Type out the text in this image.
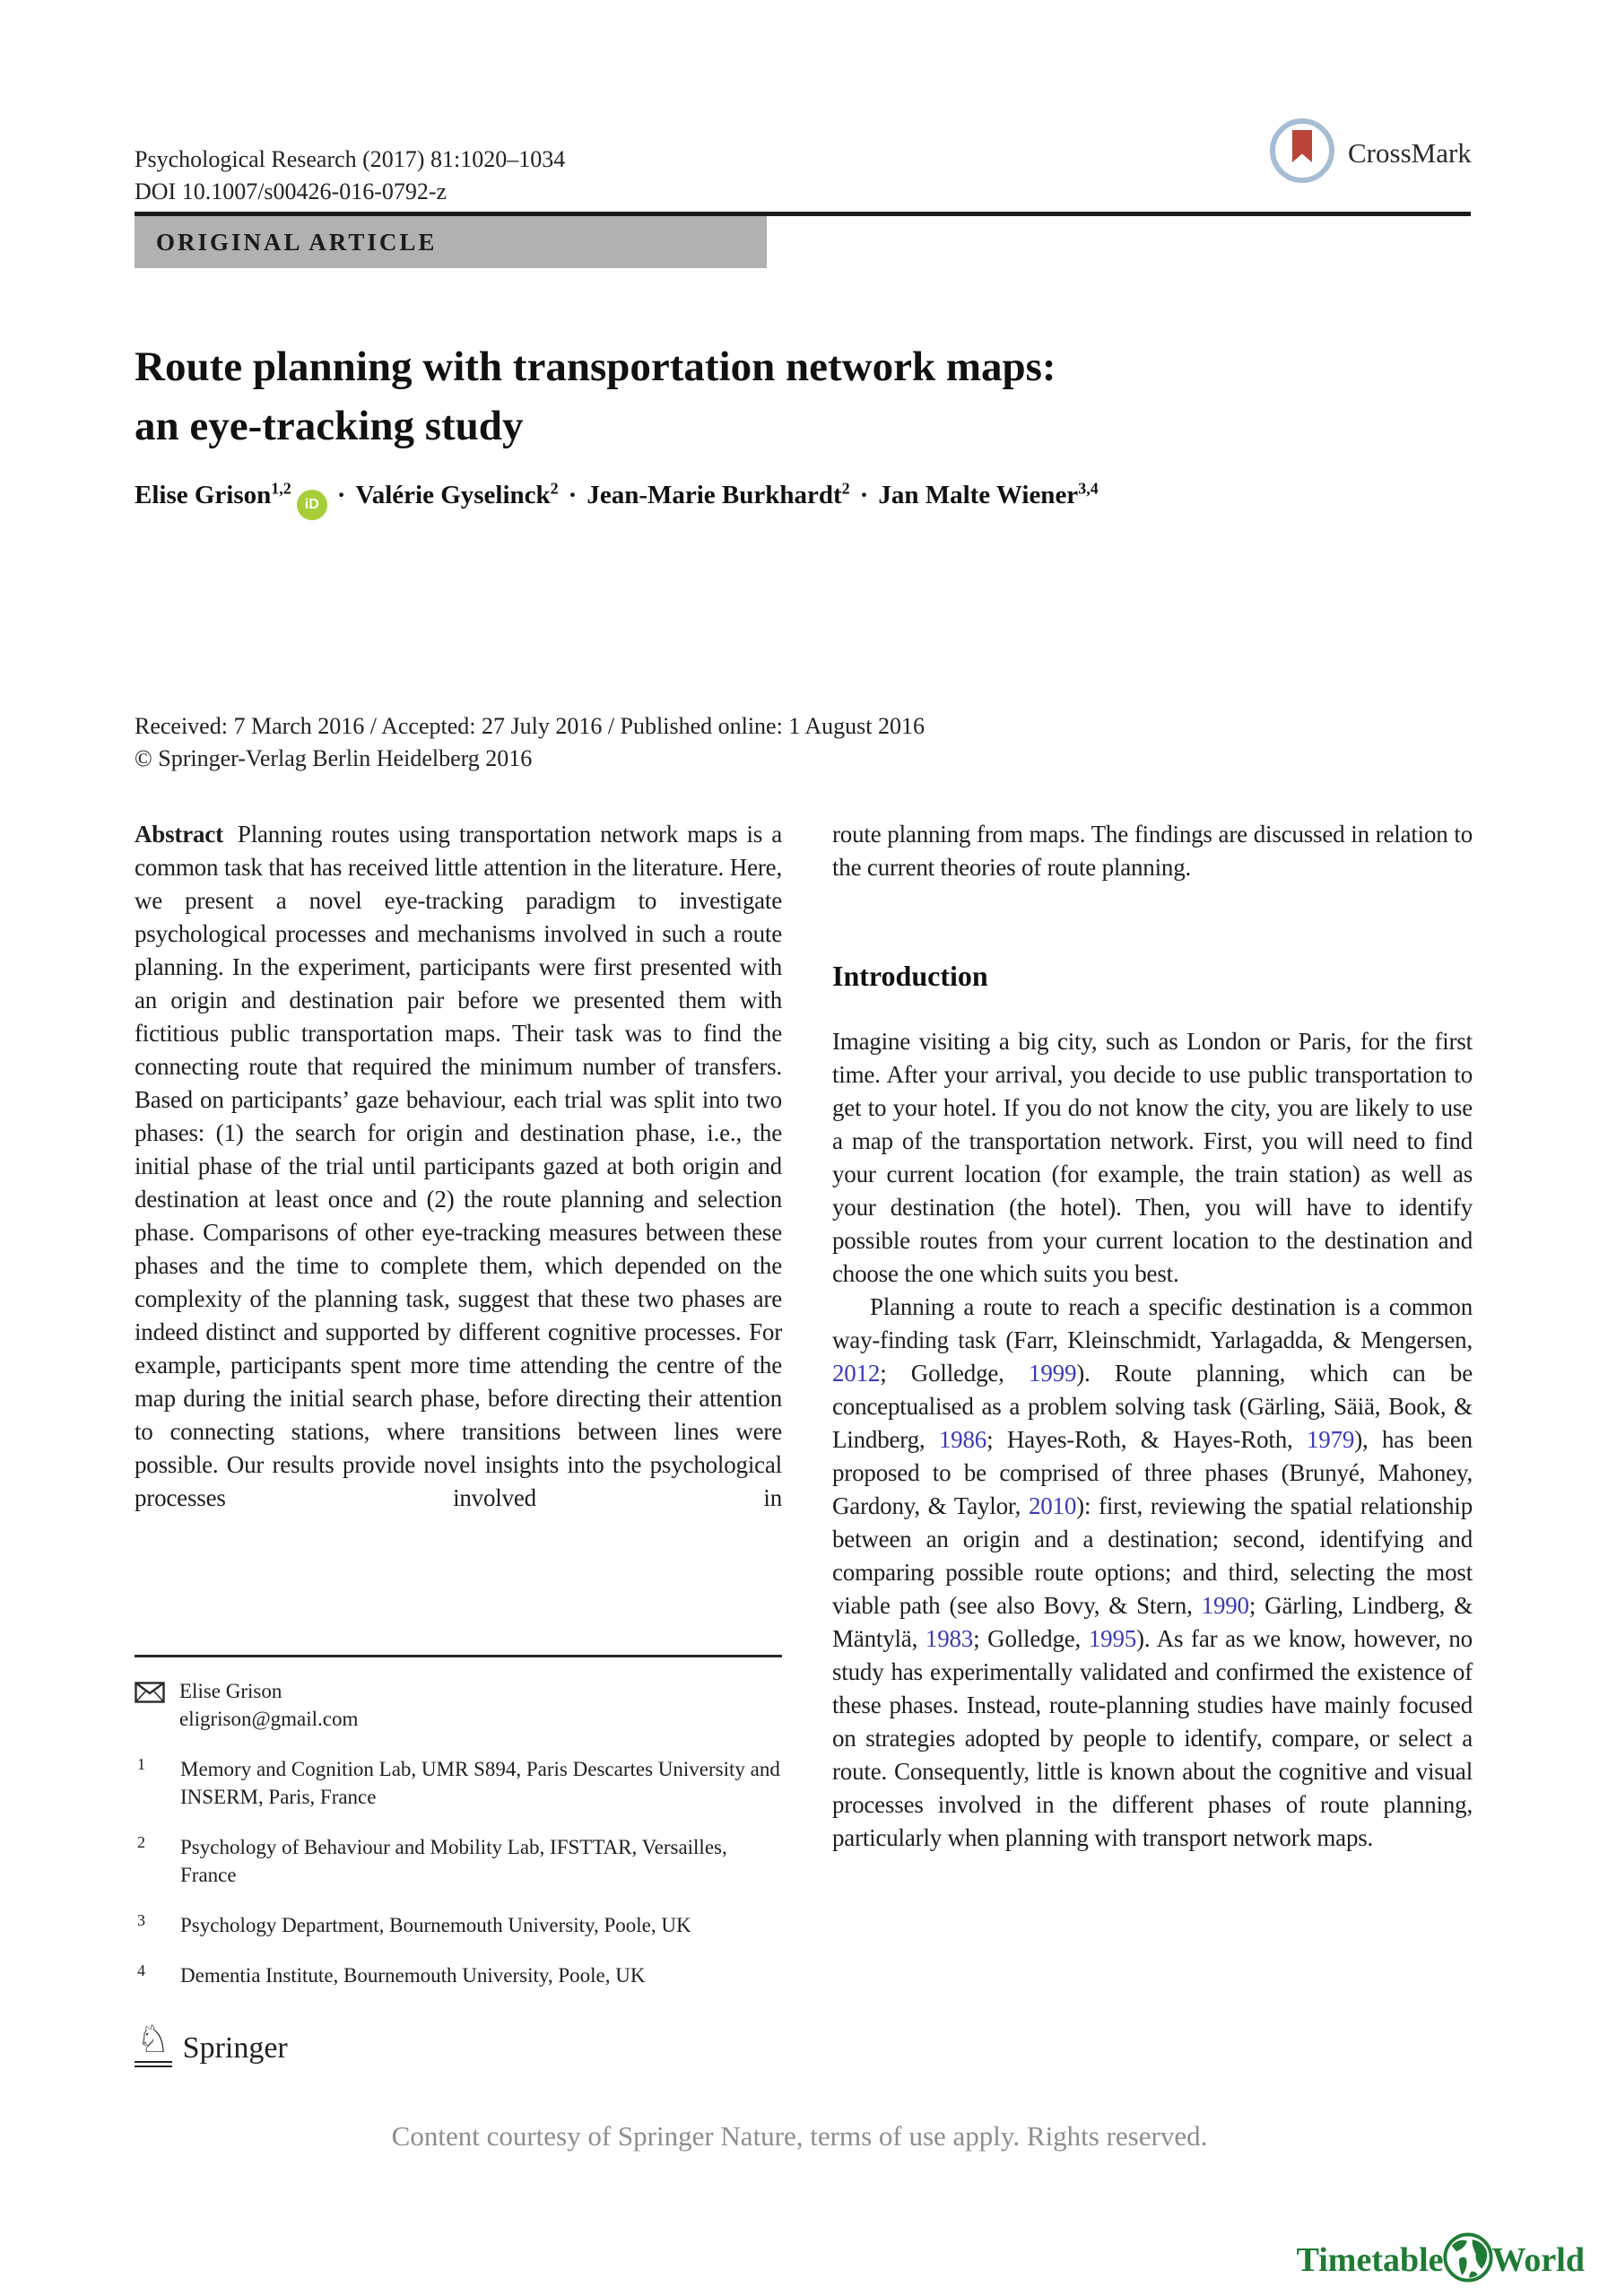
Psychological Research (2017) 81:1020–1034
DOI 10.1007/s00426-016-0792-z
CrossMark
ORIGINAL ARTICLE
Route planning with transportation network maps:
an eye-tracking study
Elise Grison$^{1,2}$iD · Valérie Gyselinck$^2$ · Jean-Marie Burkhardt$^2$ · Jan Malte Wiener$^{3,4}$
Received: 7 March 2016 / Accepted: 27 July 2016 / Published online: 1 August 2016
© Springer-Verlag Berlin Heidelberg 2016

Abstract Planning routes using transportation network maps is a common task that has received little attention in the literature. Here, we present a novel eye-tracking paradigm to investigate psychological processes and mechanisms involved in such a route planning. In the experiment, participants were first presented with an origin and destination pair before we presented them with fictitious public transportation maps. Their task was to find the connecting route that required the minimum number of transfers. Based on participants’ gaze behaviour, each trial was split into two phases: (1) the search for origin and destination phase, i.e., the initial phase of the trial until participants gazed at both origin and destination at least once and (2) the route planning and selection phase. Comparisons of other eye-tracking measures between these phases and the time to complete them, which depended on the complexity of the planning task, suggest that these two phases are indeed distinct and supported by different cognitive processes. For example, participants spent more time attending the centre of the map during the initial search phase, before directing their attention to connecting stations, where transitions between lines were possible. Our results provide novel insights into the psychological processes involved in

route planning from maps. The findings are discussed in relation to the current theories of route planning.

Introduction

Imagine visiting a big city, such as London or Paris, for the first time. After your arrival, you decide to use public transportation to get to your hotel. If you do not know the city, you are likely to use a map of the transportation network. First, you will need to find your current location (for example, the train station) as well as your destination (the hotel). Then, you will have to identify possible routes from your current location to the destination and choose the one which suits you best.

Planning a route to reach a specific destination is a common way-finding task (Farr, Kleinschmidt, Yarlagadda, & Mengersen, 2012; Golledge, 1999). Route planning, which can be conceptualised as a problem solving task (Gärling, Säiä, Book, & Lindberg, 1986; Hayes-Roth, & Hayes-Roth, 1979), has been proposed to be comprised of three phases (Brunyé, Mahoney, Gardony, & Taylor, 2010): first, reviewing the spatial relationship between an origin and a destination; second, identifying and comparing possible route options; and third, selecting the most viable path (see also Bovy, & Stern, 1990; Gärling, Lindberg, & Mäntylä, 1983; Golledge, 1995). As far as we know, however, no study has experimentally validated and confirmed the existence of these phases. Instead, route-planning studies have mainly focused on strategies adopted by people to identify, compare, or select a route. Consequently, little is known about the cognitive and visual processes involved in the different phases of route planning, particularly when planning with transport network maps.

Elise Grison
eligrison@gmail.com
1	Memory and Cognition Lab, UMR S894, Paris Descartes University and INSERM, Paris, France
2	Psychology of Behaviour and Mobility Lab, IFSTTAR, Versailles, France
3	Psychology Department, Bournemouth University, Poole, UK
4	Dementia Institute, Bournemouth University, Poole, UK
♘ Springer
Content courtesy of Springer Nature, terms of use apply. Rights reserved.
Timetable World
